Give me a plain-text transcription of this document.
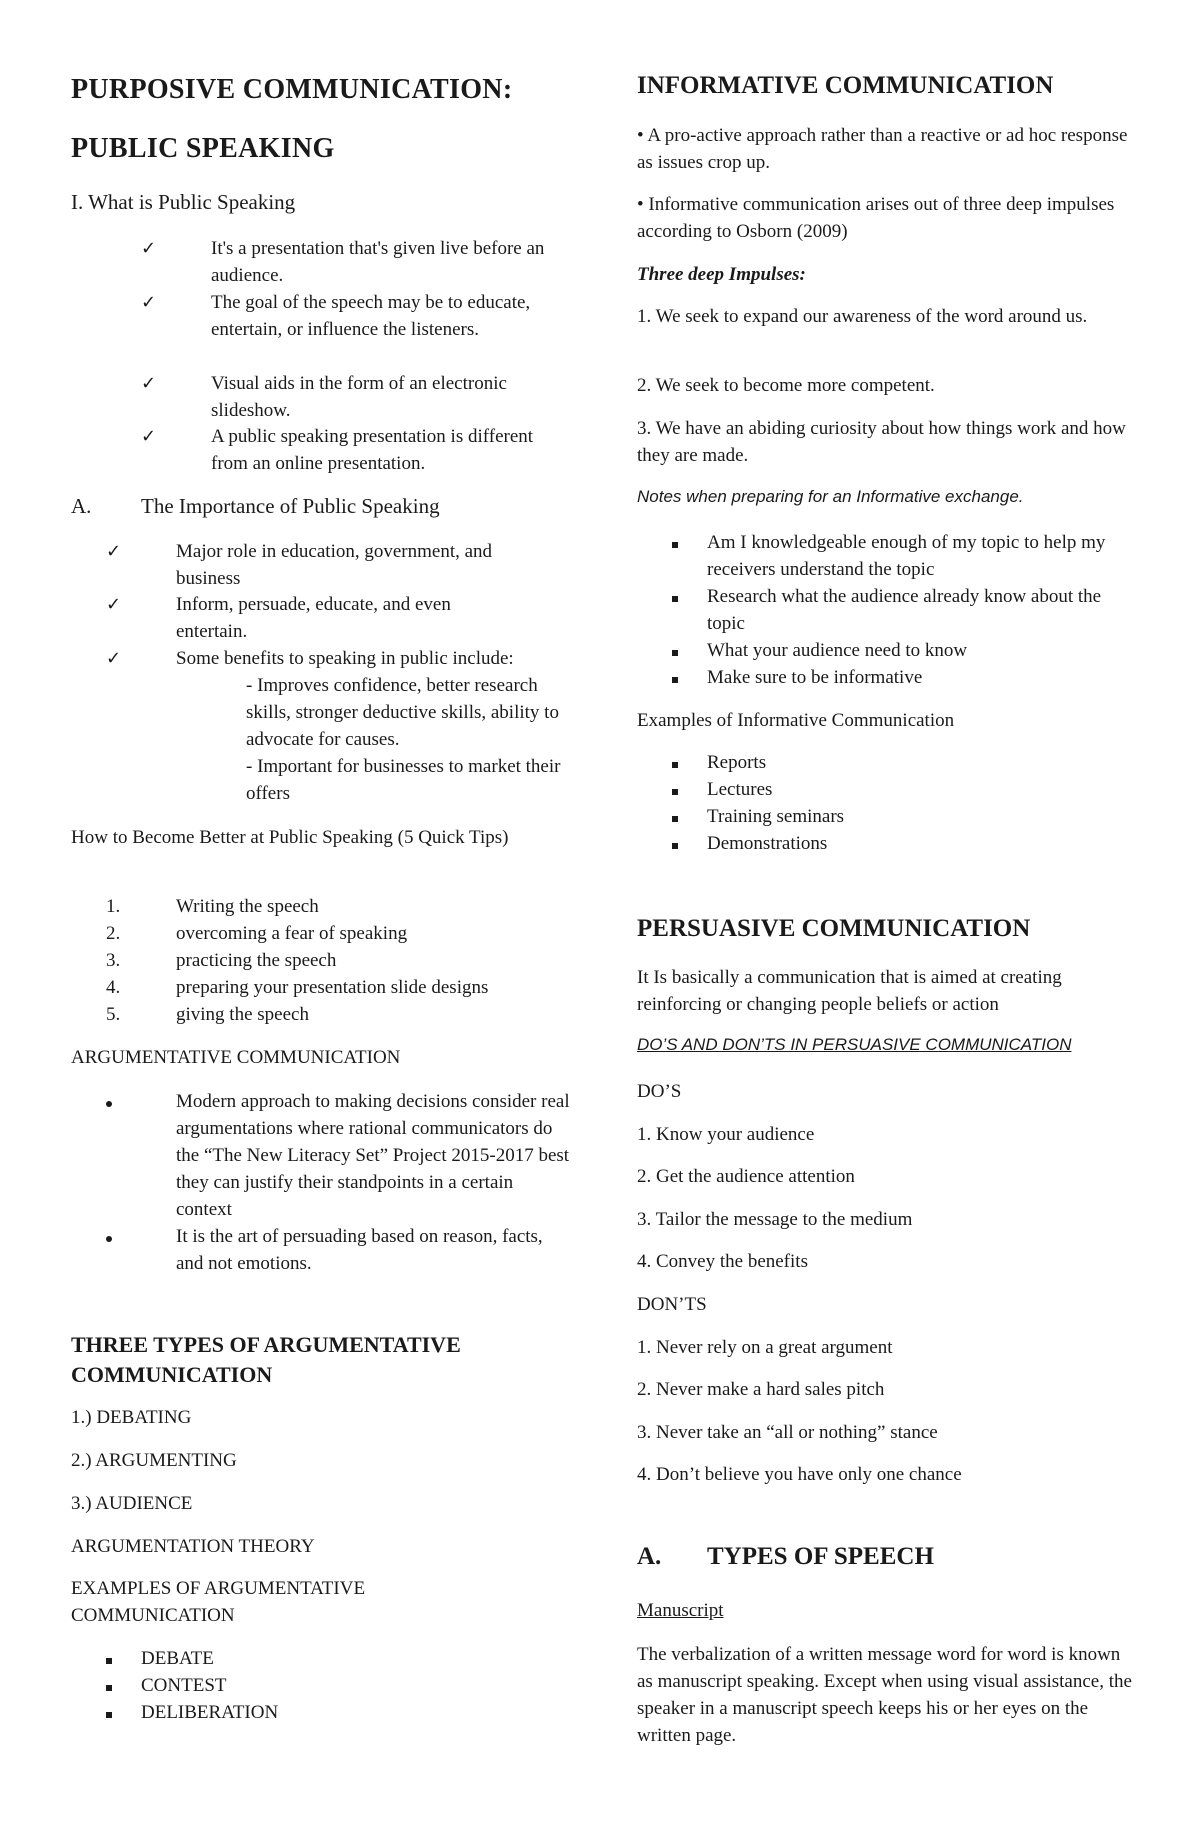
PURPOSIVE COMMUNICATION:
PUBLIC SPEAKING
I. What is Public Speaking
✓	It's a presentation that's given live before an audience.
✓	The goal of the speech may be to educate, entertain, or influence the listeners.
✓	Visual aids in the form of an electronic slideshow.
✓	A public speaking presentation is different from an online presentation.
A.	The Importance of Public Speaking
✓	Major role in education, government, and business
✓	Inform, persuade, educate, and even entertain.
✓	Some benefits to speaking in public include:
- Improves confidence, better research skills, stronger deductive skills, ability to advocate for causes.
- Important for businesses to market their offers
How to Become Better at Public Speaking (5 Quick Tips)
1.	Writing the speech
2.	overcoming a fear of speaking
3.	practicing the speech
4.	preparing your presentation slide designs
5.	giving the speech
ARGUMENTATIVE COMMUNICATION
Modern approach to making decisions consider real argumentations where rational communicators do the “The New Literacy Set” Project 2015-2017 best they can justify their standpoints in a certain context
It is the art of persuading based on reason, facts, and not emotions.
THREE TYPES OF ARGUMENTATIVE COMMUNICATION
1.) DEBATING
2.) ARGUMENTING
3.) AUDIENCE
ARGUMENTATION THEORY
EXAMPLES OF ARGUMENTATIVE COMMUNICATION
DEBATE
CONTEST
DELIBERATION
INFORMATIVE COMMUNICATION
• A pro-active approach rather than a reactive or ad hoc response as issues crop up.
• Informative communication arises out of three deep impulses according to Osborn (2009)
Three deep Impulses:
1. We seek to expand our awareness of the word around us.
2. We seek to become more competent.
3. We have an abiding curiosity about how things work and how they are made.
Notes when preparing for an Informative exchange.
Am I knowledgeable enough of my topic to help my receivers understand the topic
Research what the audience already know about the topic
What your audience need to know
Make sure to be informative
Examples of Informative Communication
Reports
Lectures
Training seminars
Demonstrations
PERSUASIVE COMMUNICATION
It Is basically a communication that is aimed at creating reinforcing or changing people beliefs or action
DO’S AND DON’TS IN PERSUASIVE COMMUNICATION
DO’S
1. Know your audience
2. Get the audience attention
3. Tailor the message to the medium
4. Convey the benefits
DON’TS
1. Never rely on a great argument
2. Never make a hard sales pitch
3. Never take an “all or nothing” stance
4. Don’t believe you have only one chance
A.	TYPES OF SPEECH
Manuscript
The verbalization of a written message word for word is known as manuscript speaking. Except when using visual assistance, the speaker in a manuscript speech keeps his or her eyes on the written page.
